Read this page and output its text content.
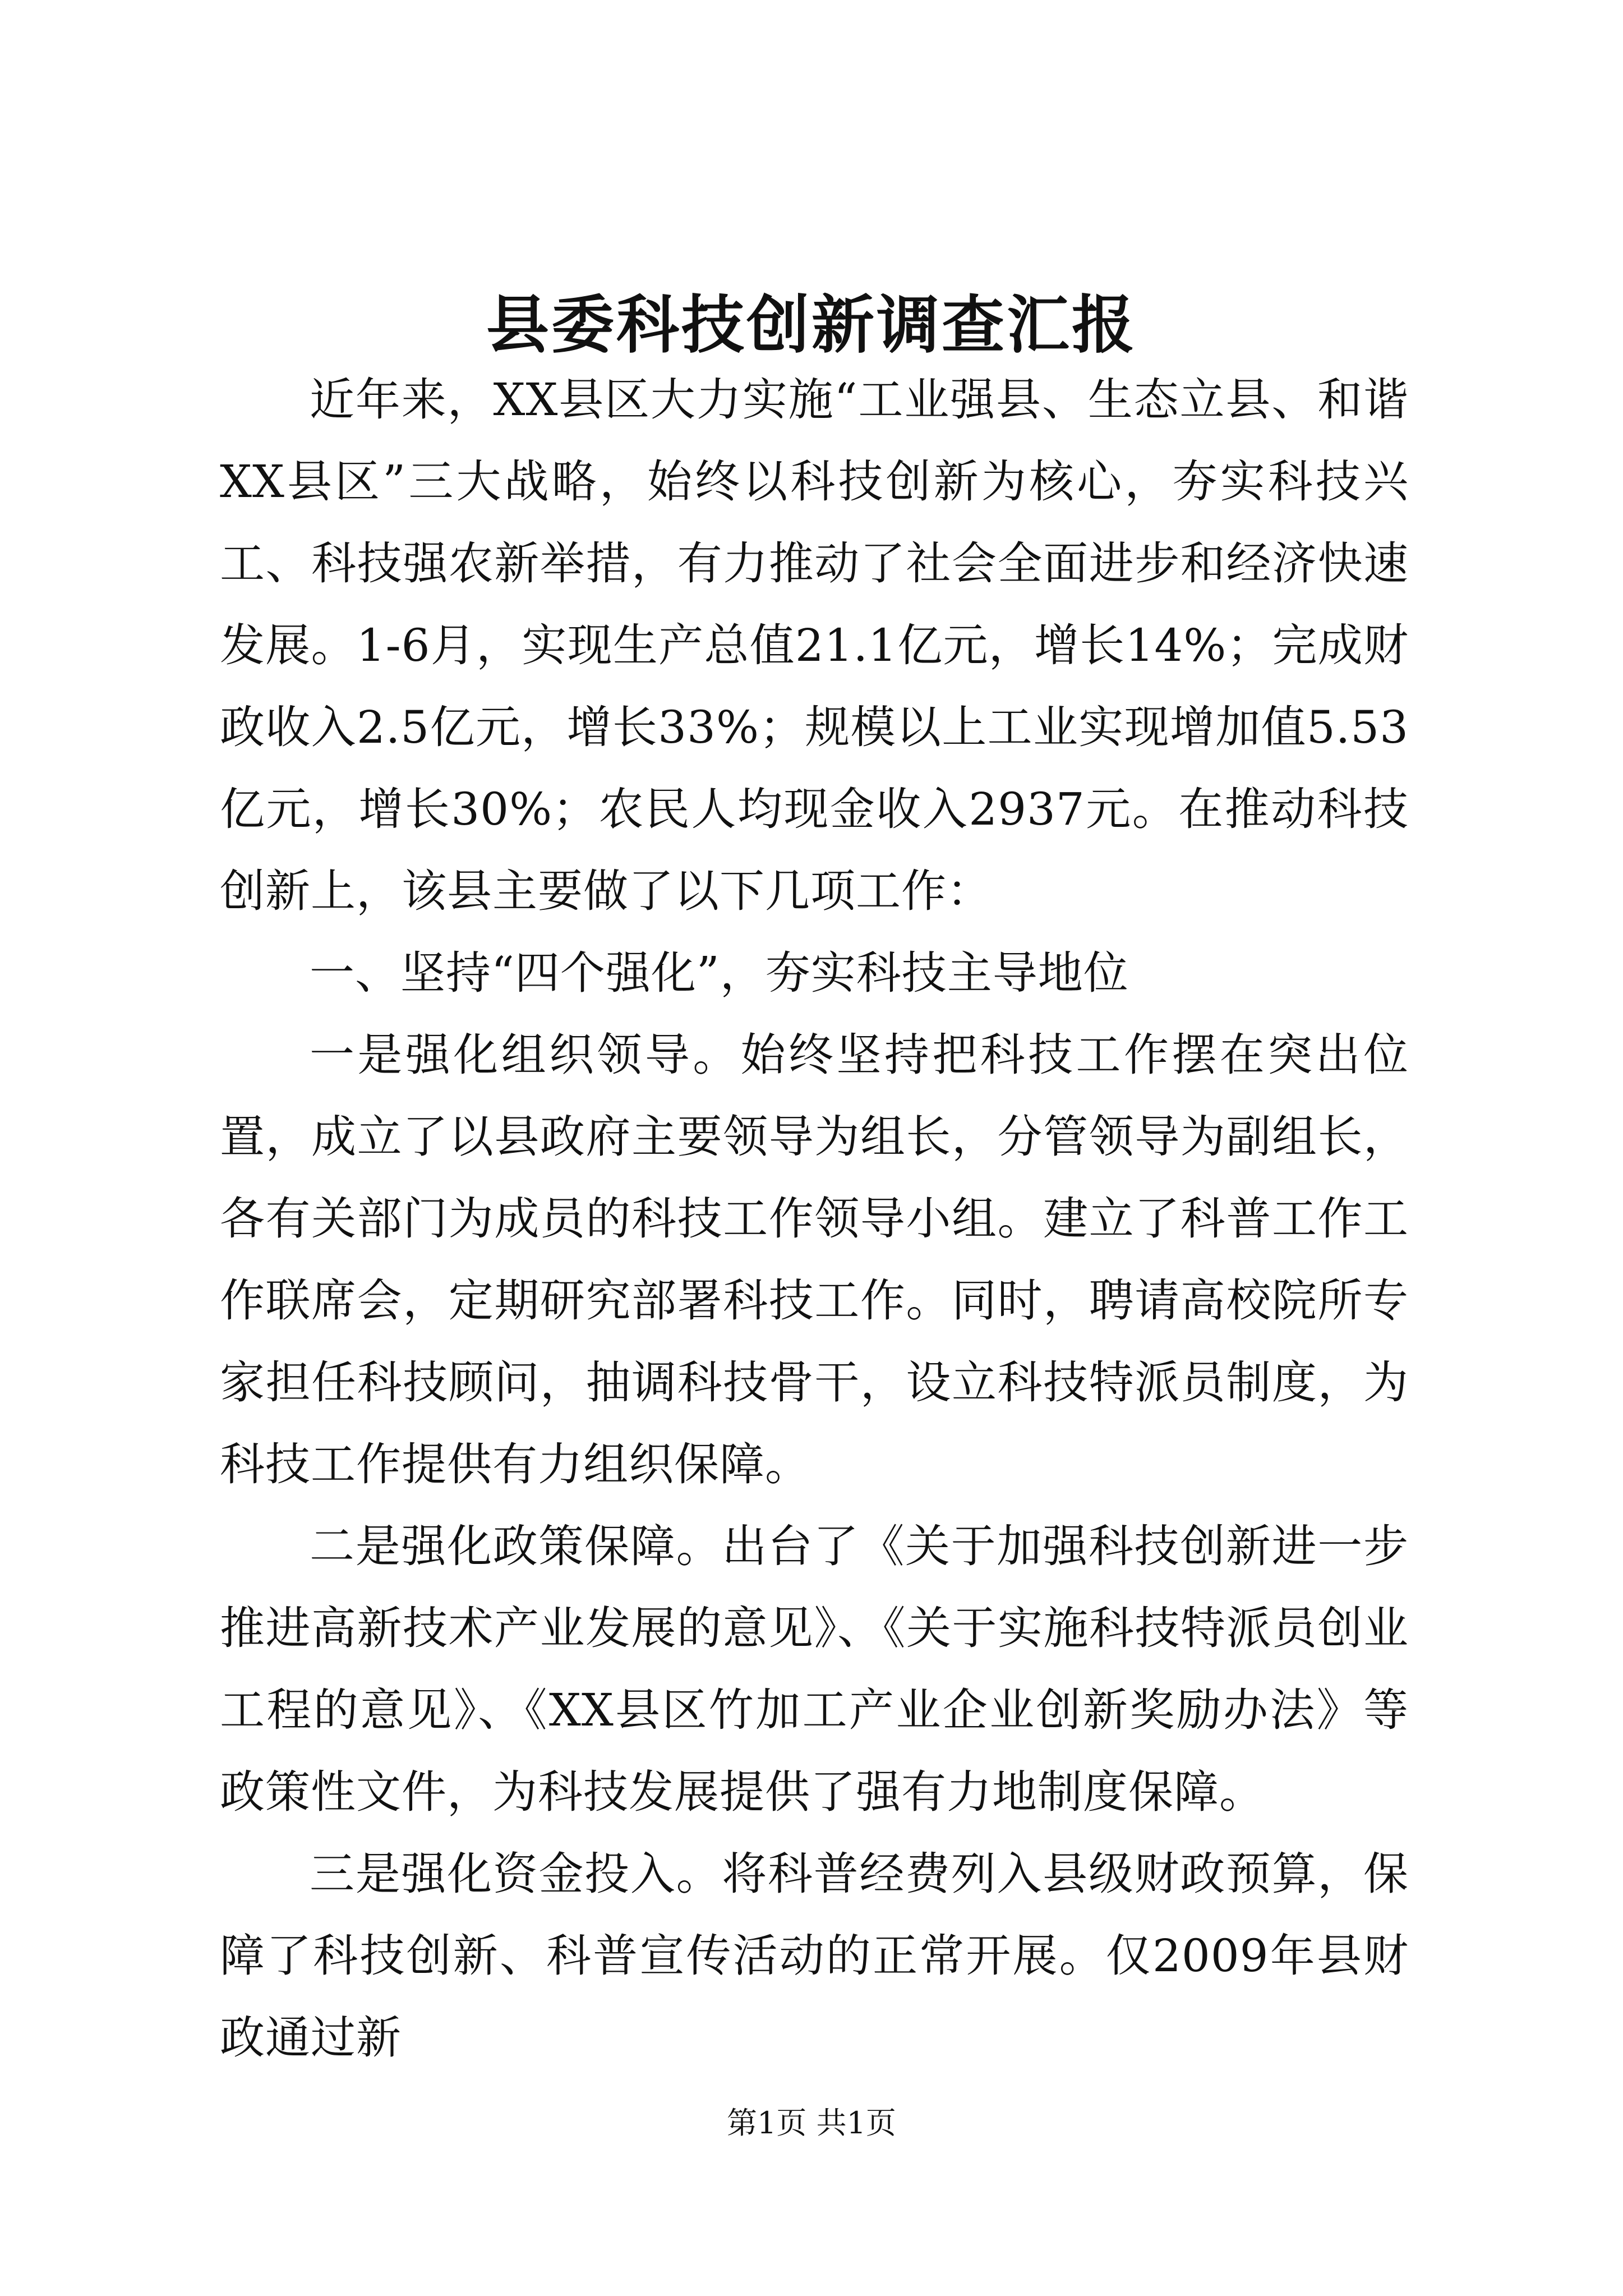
县委科技创新调查汇报

近年来，XX县区大力实施“工业强县、生态立县、和谐XX县区”三大战略，始终以科技创新为核心，夯实科技兴工、科技强农新举措，有力推动了社会全面进步和经济快速发展。1-6月，实现生产总值21.1亿元，增长14%；完成财政收入2.5亿元，增长33%；规模以上工业实现增加值5.53亿元，增长30%；农民人均现金收入2937元。在推动科技创新上，该县主要做了以下几项工作：

一、坚持“四个强化”，夯实科技主导地位

一是强化组织领导。始终坚持把科技工作摆在突出位置，成立了以县政府主要领导为组长，分管领导为副组长，各有关部门为成员的科技工作领导小组。建立了科普工作工作联席会，定期研究部署科技工作。同时，聘请高校院所专家担任科技顾问，抽调科技骨干，设立科技特派员制度，为科技工作提供有力组织保障。

二是强化政策保障。出台了《关于加强科技创新进一步推进高新技术产业发展的意见》、《关于实施科技特派员创业工程的意见》、《XX县区竹加工产业企业创新奖励办法》等政策性文件，为科技发展提供了强有力地制度保障。

三是强化资金投入。将科普经费列入县级财政预算，保障了科技创新、科普宣传活动的正常开展。仅2009年县财政通过新

第1页 共1页
